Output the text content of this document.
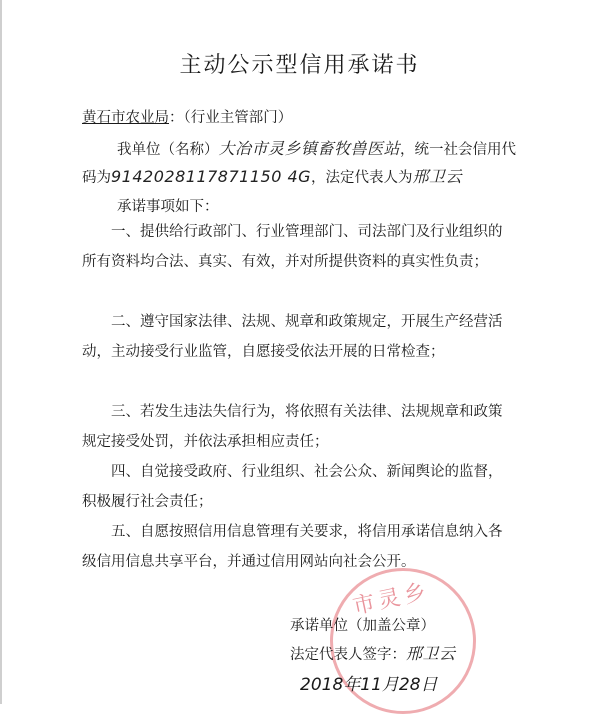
主动公示型信用承诺书
黄石市农业局：（行业主管部门）
我单位（名称）大冶市灵乡镇畜牧兽医站，统一社会信用代
码为9142028117871150 4G，法定代表人为邢卫云
承诺事项如下：
一、提供给行政部门、行业管理部门、司法部门及行业组织的所有资料均合法、真实、有效，并对所提供资料的真实性负责；
二、遵守国家法律、法规、规章和政策规定，开展生产经营活动，主动接受行业监管，自愿接受依法开展的日常检查；
三、若发生违法失信行为，将依照有关法律、法规规章和政策规定接受处罚，并依法承担相应责任；
四、自觉接受政府、行业组织、社会公众、新闻舆论的监督，积极履行社会责任；
五、自愿按照信用信息管理有关要求，将信用承诺信息纳入各级信用信息共享平台，并通过信用网站向社会公开。
市灵乡
承诺单位（加盖公章）
法定代表人签字：邢卫云
2018年11月28日
